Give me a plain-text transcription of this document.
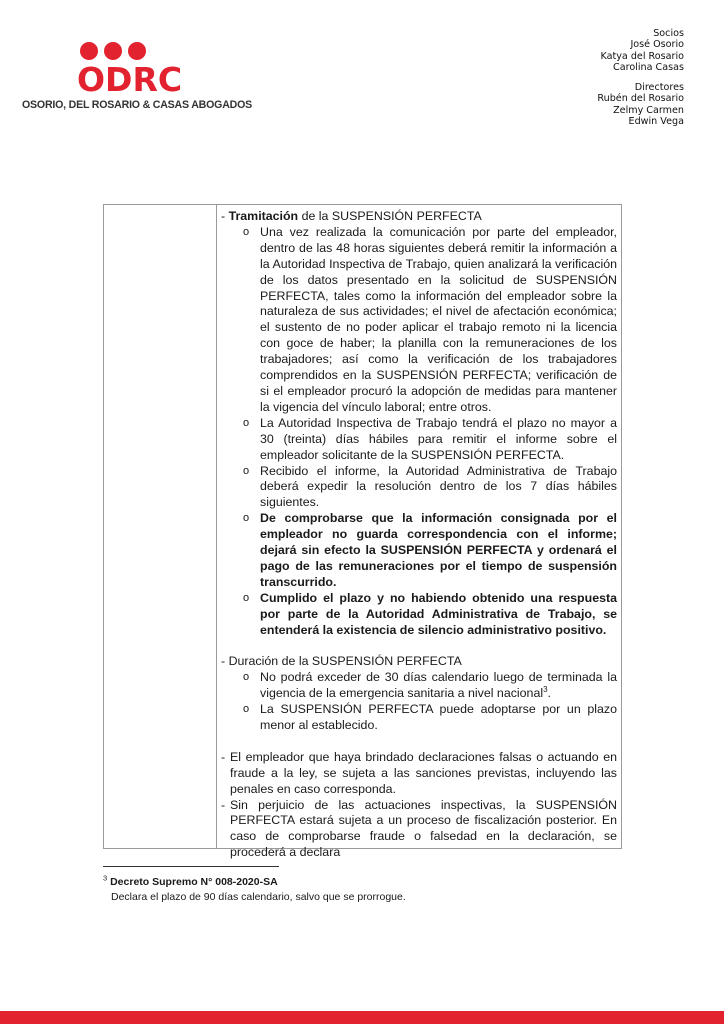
ODRC
OSORIO, DEL ROSARIO & CASAS ABOGADOS
Socios
José Osorio
Katya del Rosario
Carolina Casas
Directores
Rubén del Rosario
Zelmy Carmen
Edwin Vega
- Tramitación de la SUSPENSIÓN PERFECTA
o Una vez realizada la comunicación por parte del empleador, dentro de las 48 horas siguientes deberá remitir la información a la Autoridad Inspectiva de Trabajo, quien analizará la verificación de los datos presentado en la solicitud de SUSPENSIÓN PERFECTA, tales como la información del empleador sobre la naturaleza de sus actividades; el nivel de afectación económica; el sustento de no poder aplicar el trabajo remoto ni la licencia con goce de haber; la planilla con la remuneraciones de los trabajadores; así como la verificación de los trabajadores comprendidos en la SUSPENSIÓN PERFECTA; verificación de si el empleador procuró la adopción de medidas para mantener la vigencia del vínculo laboral; entre otros.
o La Autoridad Inspectiva de Trabajo tendrá el plazo no mayor a 30 (treinta) días hábiles para remitir el informe sobre el empleador solicitante de la SUSPENSIÓN PERFECTA.
o Recibido el informe, la Autoridad Administrativa de Trabajo deberá expedir la resolución dentro de los 7 días hábiles siguientes.
o De comprobarse que la información consignada por el empleador no guarda correspondencia con el informe; dejará sin efecto la SUSPENSIÓN PERFECTA y ordenará el pago de las remuneraciones por el tiempo de suspensión transcurrido.
o Cumplido el plazo y no habiendo obtenido una respuesta por parte de la Autoridad Administrativa de Trabajo, se entenderá la existencia de silencio administrativo positivo.
- Duración de la SUSPENSIÓN PERFECTA
o No podrá exceder de 30 días calendario luego de terminada la vigencia de la emergencia sanitaria a nivel nacional$^3$.
o La SUSPENSIÓN PERFECTA puede adoptarse por un plazo menor al establecido.
- El empleador que haya brindado declaraciones falsas o actuando en fraude a la ley, se sujeta a las sanciones previstas, incluyendo las penales en caso corresponda.
- Sin perjuicio de las actuaciones inspectivas, la SUSPENSIÓN PERFECTA estará sujeta a un proceso de fiscalización posterior. En caso de comprobarse fraude o falsedad en la declaración, se procederá a declara
$^3$ Decreto Supremo N° 008-2020-SA
Declara el plazo de 90 días calendario, salvo que se prorrogue.
